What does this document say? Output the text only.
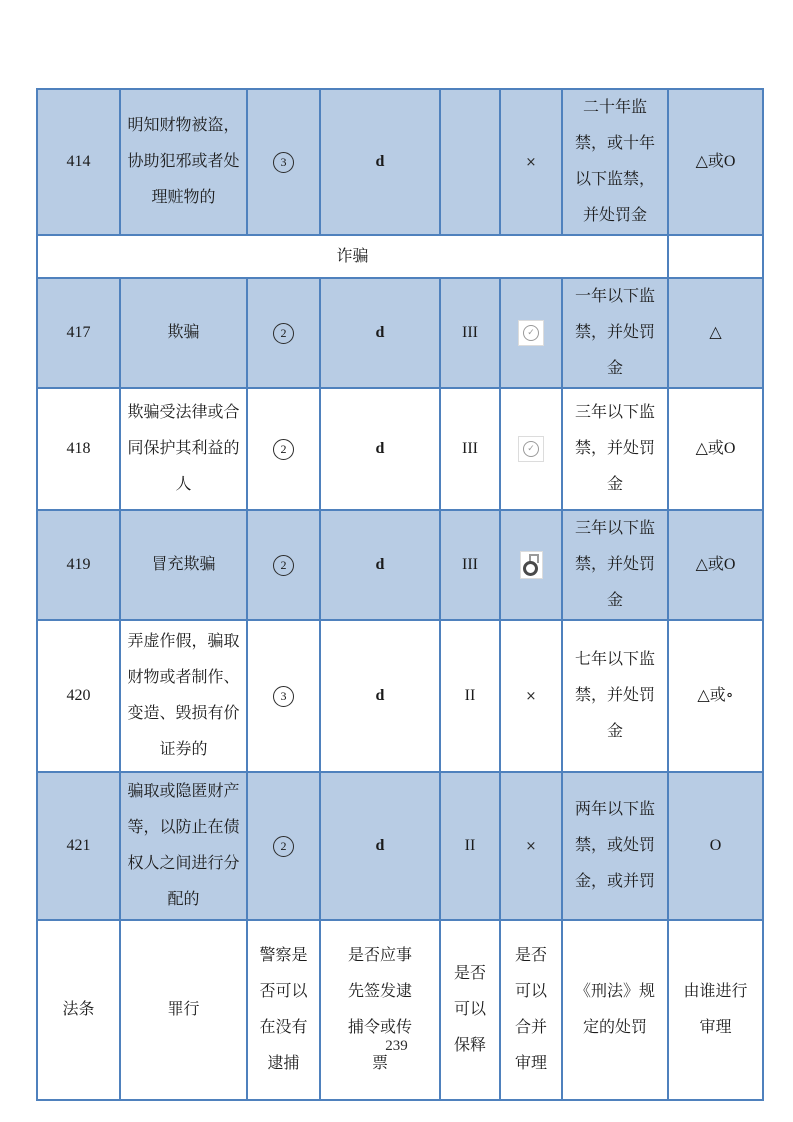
414	明知财物被盗，协助犯邪或者处理赃物的	3	d		×	二十年监禁，或十年以下监禁，并处罚金	△或O
诈骗							
417	欺骗	2	d	III	✓	一年以下监禁，并处罚金	△
418	欺骗受法律或合同保护其利益的人	2	d	III	✓	三年以下监禁，并处罚金	△或O
419	冒充欺骗	2	d	III		三年以下监禁，并处罚金	△或O
420	弄虚作假，骗取财物或者制作、变造、毁损有价证券的	3	d	II	×	七年以下监禁，并处罚金	△或∘
421	骗取或隐匿财产等，以防止在债权人之间进行分配的	2	d	II	×	两年以下监禁，或处罚金，或并罚	O
法条	罪行	警察是否可以在没有逮捕	是否应事先签发逮捕令或传票	是否可以保释	是否可以合并审理	《刑法》规定的处罚	由谁进行审理
239
